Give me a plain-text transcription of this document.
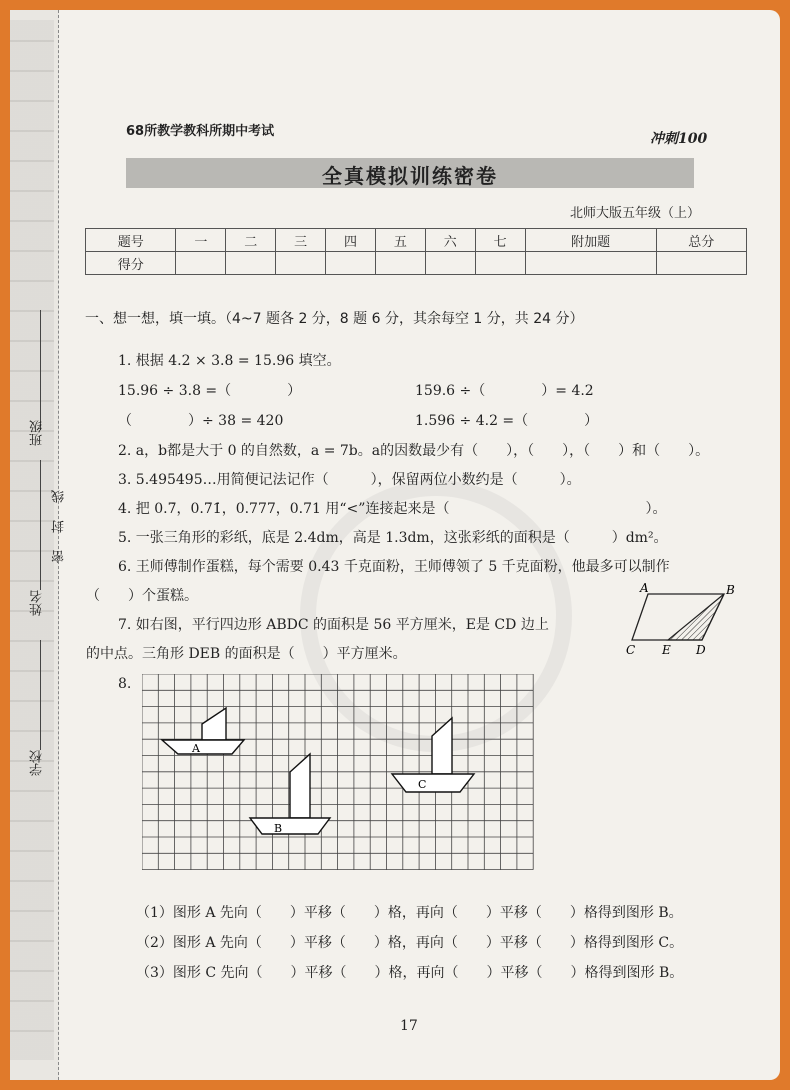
班级
姓名
密
封
线
学校
68所教学教科所期中考试	冲刺100
全真模拟训练密卷
北师大版五年级（上）
题号	一	二	三	四	五	六	七	附加题	总分
得分									
一、想一想，填一填。（4~7 题各 2 分，8 题 6 分，其余每空 1 分，共 24 分）
1. 根据 4.2 × 3.8 = 15.96 填空。
15.96 ÷ 3.8 =（　　　　）	159.6 ÷（　　　　）= 4.2
（　　　　）÷ 38 = 420	1.596 ÷ 4.2 =（　　　　）
2. a，b都是大于 0 的自然数，a = 7b。a的因数最少有（　　），（　　），（　　）和（　　）。
3. 5.495495…用简便记法记作（　　　），保留两位小数约是（　　　）。
4. 把 0.7̇，0.7̇1̇，0.777，0.71 用“<”连接起来是（　　　　　　　　　　　　　　）。
5. 一张三角形的彩纸，底是 2.4dm，高是 1.3dm，这张彩纸的面积是（　　　）dm²。
6. 王师傅制作蛋糕，每个需要 0.43 千克面粉，王师傅领了 5 千克面粉，他最多可以制作
（　　）个蛋糕。
7. 如右图，平行四边形 ABDC 的面积是 56 平方厘米，E是 CD 边上
的中点。三角形 DEB 的面积是（　　）平方厘米。
A	B
C E D
8.
A
B
C
（1）图形 A 先向（　　）平移（　　）格，再向（　　）平移（　　）格得到图形 B。
（2）图形 A 先向（　　）平移（　　）格，再向（　　）平移（　　）格得到图形 C。
（3）图形 C 先向（　　）平移（　　）格，再向（　　）平移（　　）格得到图形 B。
17
